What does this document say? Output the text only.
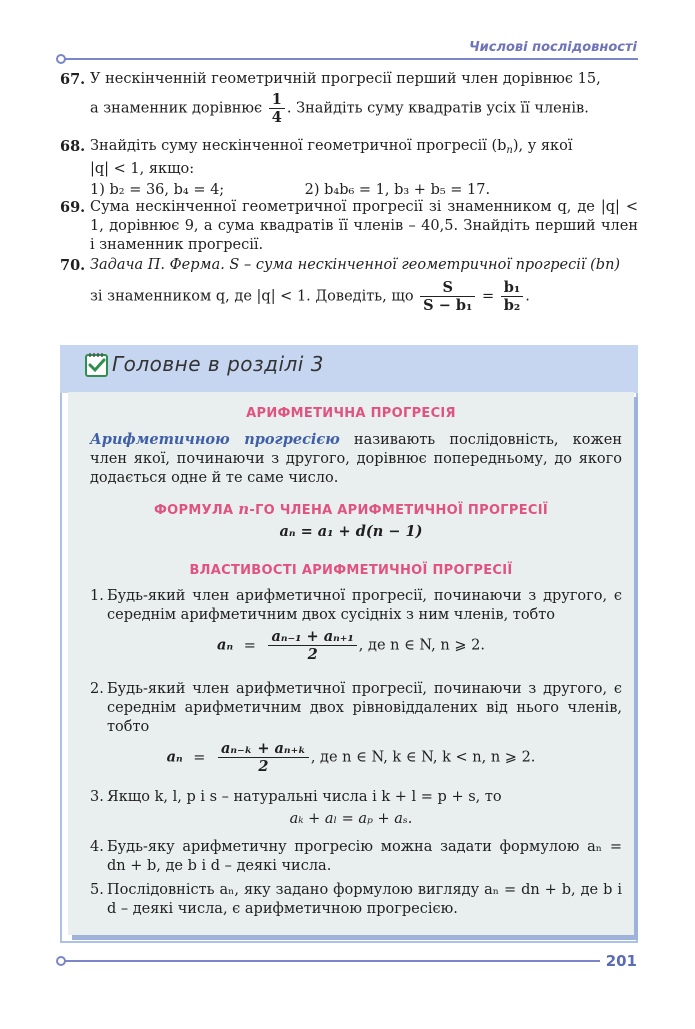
Числові послідовності
67. У нескінченній геометричній прогресії перший член дорівнює 15,

а знаменник дорівнює $\frac{1}{4}$ . Знайдіть суму квадратів усіх її членів.

68. Знайдіть суму нескінченної геометричної прогресії $(b_n)$, у якої

|q| < 1, якщо:

1) b₂ = 36, b₄ = 4;	2) b₄b₆ = 1, b₃ + b₅ = 17.

69. Сума нескінченної геометричної прогресії зі знаменником q, де |q| < 1, дорівнює 9, а сума квадратів її членів – 40,5. Знайдіть перший член і знаменник прогресії.

70. Задача П. Ферма. S – сума нескінченної геометричної прогресії (bn)

зі знаменником q, де |q| < 1. Доведіть, що $\frac{S}{\text{S − b₁}} = \frac{\text{b₁}}{\text{b₂}}$ .

Головне в розділі 3
АРИФМЕТИЧНА ПРОГРЕСІЯ
Арифметичною прогресією називають послідовність, кожен член якої, починаючи з другого, дорівнює попередньому, до якого додається одне й те саме число.
ФОРМУЛА n-ГО ЧЛЕНА АРИФМЕТИЧНОЇ ПРОГРЕСІЇ
aₙ = a₁ + d(n − 1)
ВЛАСТИВОСТІ АРИФМЕТИЧНОЇ ПРОГРЕСІЇ
1. Будь-який член арифметичної прогресії, починаючи з другого, є середнім арифметичним двох сусідніх з ним членів, тобто
$a_n = \frac{\text{aₙ₋₁ + aₙ₊₁}}{2}$ , де n ∈ N, n ⩾ 2.
2. Будь-який член арифметичної прогресії, починаючи з другого, є середнім арифметичним двох рівновіддалених від нього членів, тобто
$a_n = \frac{\text{aₙ₋ₖ + aₙ₊ₖ}}{2}$ , де n ∈ N, k ∈ N, k < n, n ⩾ 2.
3. Якщо k, l, p і s – натуральні числа і k + l = p + s, то
aₖ + aₗ = aₚ + aₛ.
4. Будь-яку арифметичну прогресію можна задати формулою aₙ = dn + b, де b і d – деякі числа.
5. Послідовність aₙ, яку задано формулою вигляду aₙ = dn + b, де b і d – деякі числа, є арифметичною прогресією.
201
